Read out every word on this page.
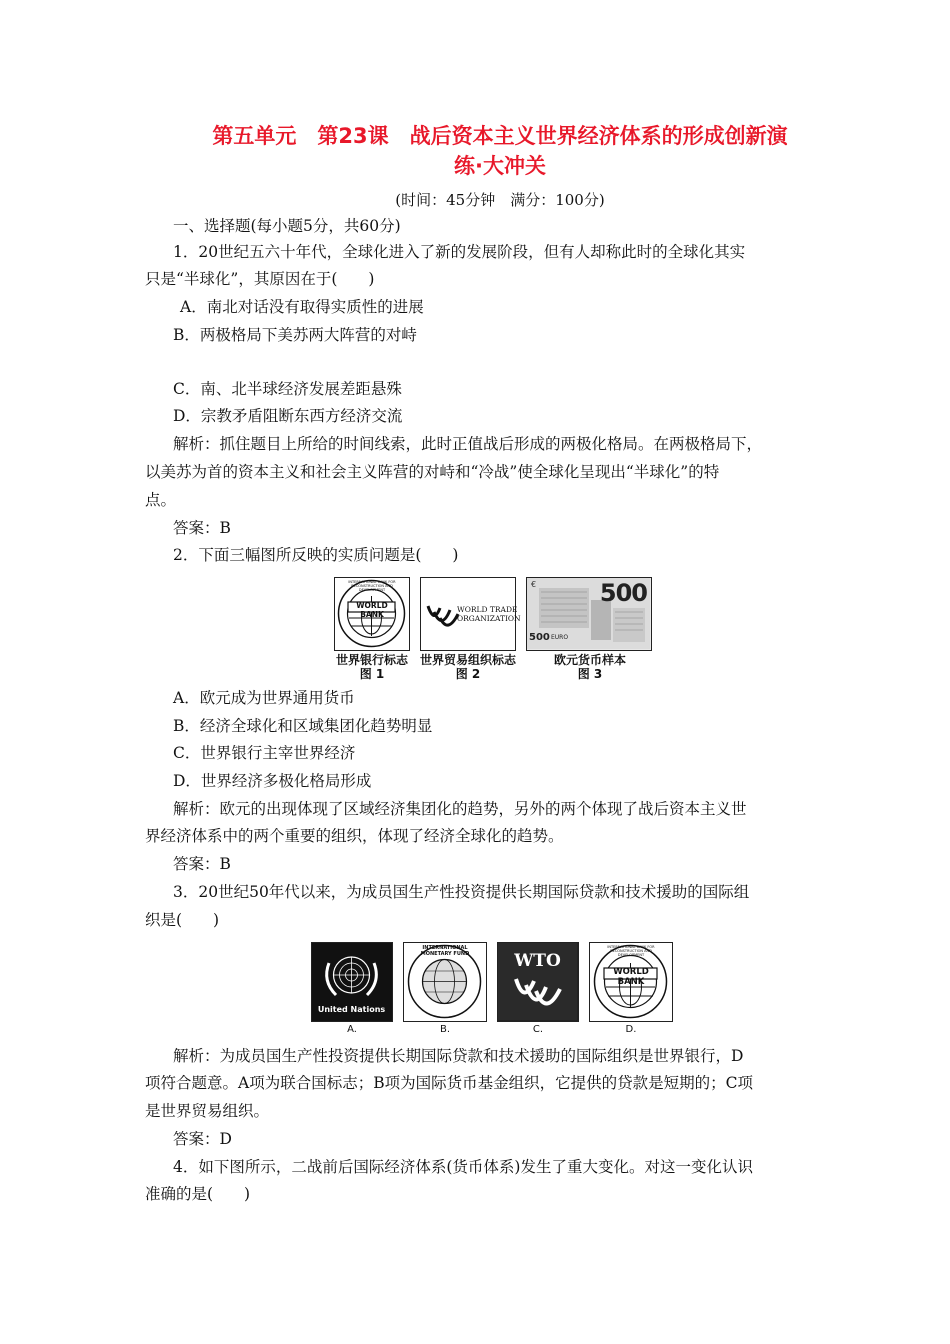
第五单元　第23课　战后资本主义世界经济体系的形成创新演
练·大冲关
(时间：45分钟　满分：100分)
一、选择题(每小题5分，共60分)
1．20世纪五六十年代，全球化进入了新的发展阶段，但有人却称此时的全球化其实
只是“半球化”，其原因在于(　　)
A．南北对话没有取得实质性的进展
B．两极格局下美苏两大阵营的对峙
C．南、北半球经济发展差距悬殊
D．宗教矛盾阻断东西方经济交流
解析：抓住题目上所给的时间线索，此时正值战后形成的两极化格局。在两极格局下，
以美苏为首的资本主义和社会主义阵营的对峙和“冷战”使全球化呈现出“半球化”的特
点。
答案：B
2．下面三幅图所反映的实质问题是(　　)
WORLD BANK
INTERNATIONAL BANK FOR RECONSTRUCTION AND DEVELOPMENT
世界银行标志
图 1
WORLD TRADE
ORGANIZATION
世界贸易组织标志
图 2
€	500
500 EURO
欧元货币样本
图 3
A．欧元成为世界通用货币
B．经济全球化和区域集团化趋势明显
C．世界银行主宰世界经济
D．世界经济多极化格局形成
解析：欧元的出现体现了区域经济集团化的趋势，另外的两个体现了战后资本主义世
界经济体系中的两个重要的组织，体现了经济全球化的趋势。
答案：B
3．20世纪50年代以来，为成员国生产性投资提供长期国际贷款和技术援助的国际组
织是(　　)
United Nations
A.
INTERNATIONAL MONETARY FUND
B.
WTO
C.
WORLD BANK
INTERNATIONAL BANK FOR RECONSTRUCTION AND DEVELOPMENT
D.
解析：为成员国生产性投资提供长期国际贷款和技术援助的国际组织是世界银行，D
项符合题意。A项为联合国标志；B项为国际货币基金组织，它提供的贷款是短期的；C项
是世界贸易组织。
答案：D
4．如下图所示，二战前后国际经济体系(货币体系)发生了重大变化。对这一变化认识
准确的是(　　)
